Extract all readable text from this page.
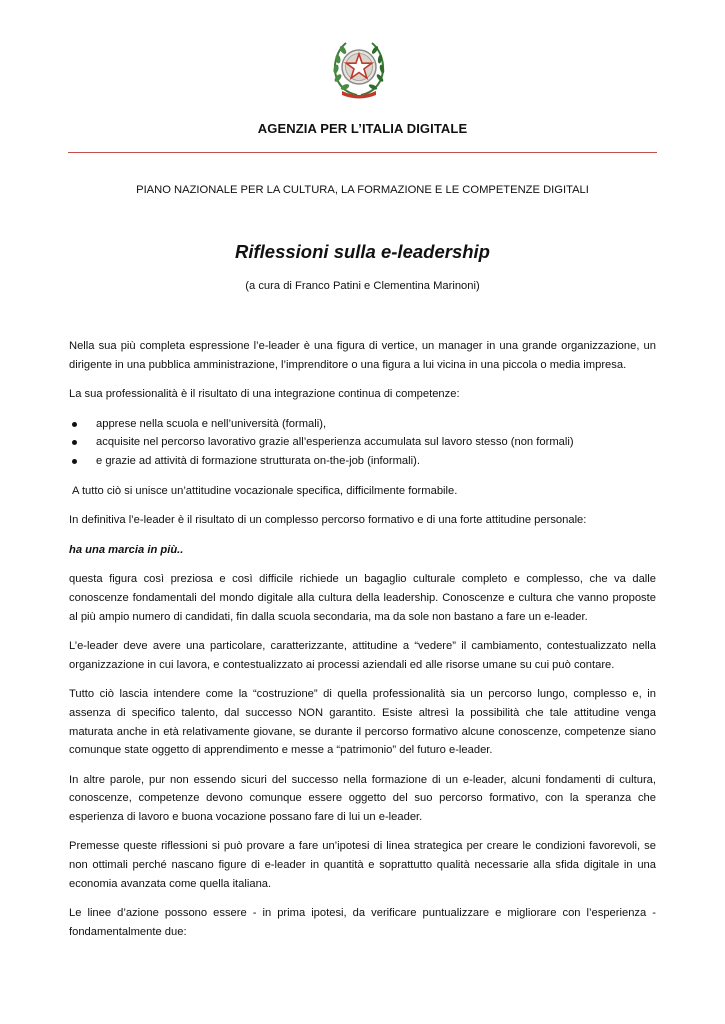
AGENZIA PER L’ITALIA DIGITALE
PIANO NAZIONALE PER LA CULTURA, LA FORMAZIONE E LE COMPETENZE DIGITALI
Riflessioni sulla e-leadership
(a cura di Franco Patini e Clementina Marinoni)

Nella sua più completa espressione l’e-leader è una figura di vertice, un manager in una grande organizzazione, un dirigente in una pubblica amministrazione, l’imprenditore o una figura a lui vicina in una piccola o media impresa.

La sua professionalità è il risultato di una integrazione continua di competenze:

apprese nella scuola e nell’università (formali),
acquisite nel percorso lavorativo grazie all’esperienza accumulata sul lavoro stesso (non formali)
e grazie ad attività di formazione strutturata on-the-job (informali).

A tutto ciò si unisce un’attitudine vocazionale specifica, difficilmente formabile.

In definitiva l’e-leader è il risultato di un complesso percorso formativo e di una forte attitudine personale:

ha una marcia in più..

questa figura così preziosa e così difficile richiede un bagaglio culturale completo e complesso, che va dalle conoscenze fondamentali del mondo digitale alla cultura della leadership. Conoscenze e cultura che vanno proposte al più ampio numero di candidati, fin dalla scuola secondaria, ma da sole non bastano a fare un e-leader.

L’e-leader deve avere una particolare, caratterizzante, attitudine a “vedere” il cambiamento, contestualizzato nella organizzazione in cui lavora, e contestualizzato ai processi aziendali ed alle risorse umane su cui può contare.

Tutto ciò lascia intendere come la “costruzione” di quella professionalità sia un percorso lungo, complesso e, in assenza di specifico talento, dal successo NON garantito. Esiste altresì la possibilità che tale attitudine venga maturata anche in età relativamente giovane, se durante il percorso formativo alcune conoscenze, competenze siano comunque state oggetto di apprendimento e messe a “patrimonio” del futuro e-leader.

In altre parole, pur non essendo sicuri del successo nella formazione di un e-leader, alcuni fondamenti di cultura, conoscenze, competenze devono comunque essere oggetto del suo percorso formativo, con la speranza che esperienza di lavoro e buona vocazione possano fare di lui un e-leader.

Premesse queste riflessioni si può provare a fare un’ipotesi di linea strategica per creare le condizioni favorevoli, se non ottimali perché nascano figure di e-leader in quantità e soprattutto qualità necessarie alla sfida digitale in una economia avanzata come quella italiana.

Le linee d’azione possono essere - in prima ipotesi, da verificare puntualizzare e migliorare con l’esperienza - fondamentalmente due:
